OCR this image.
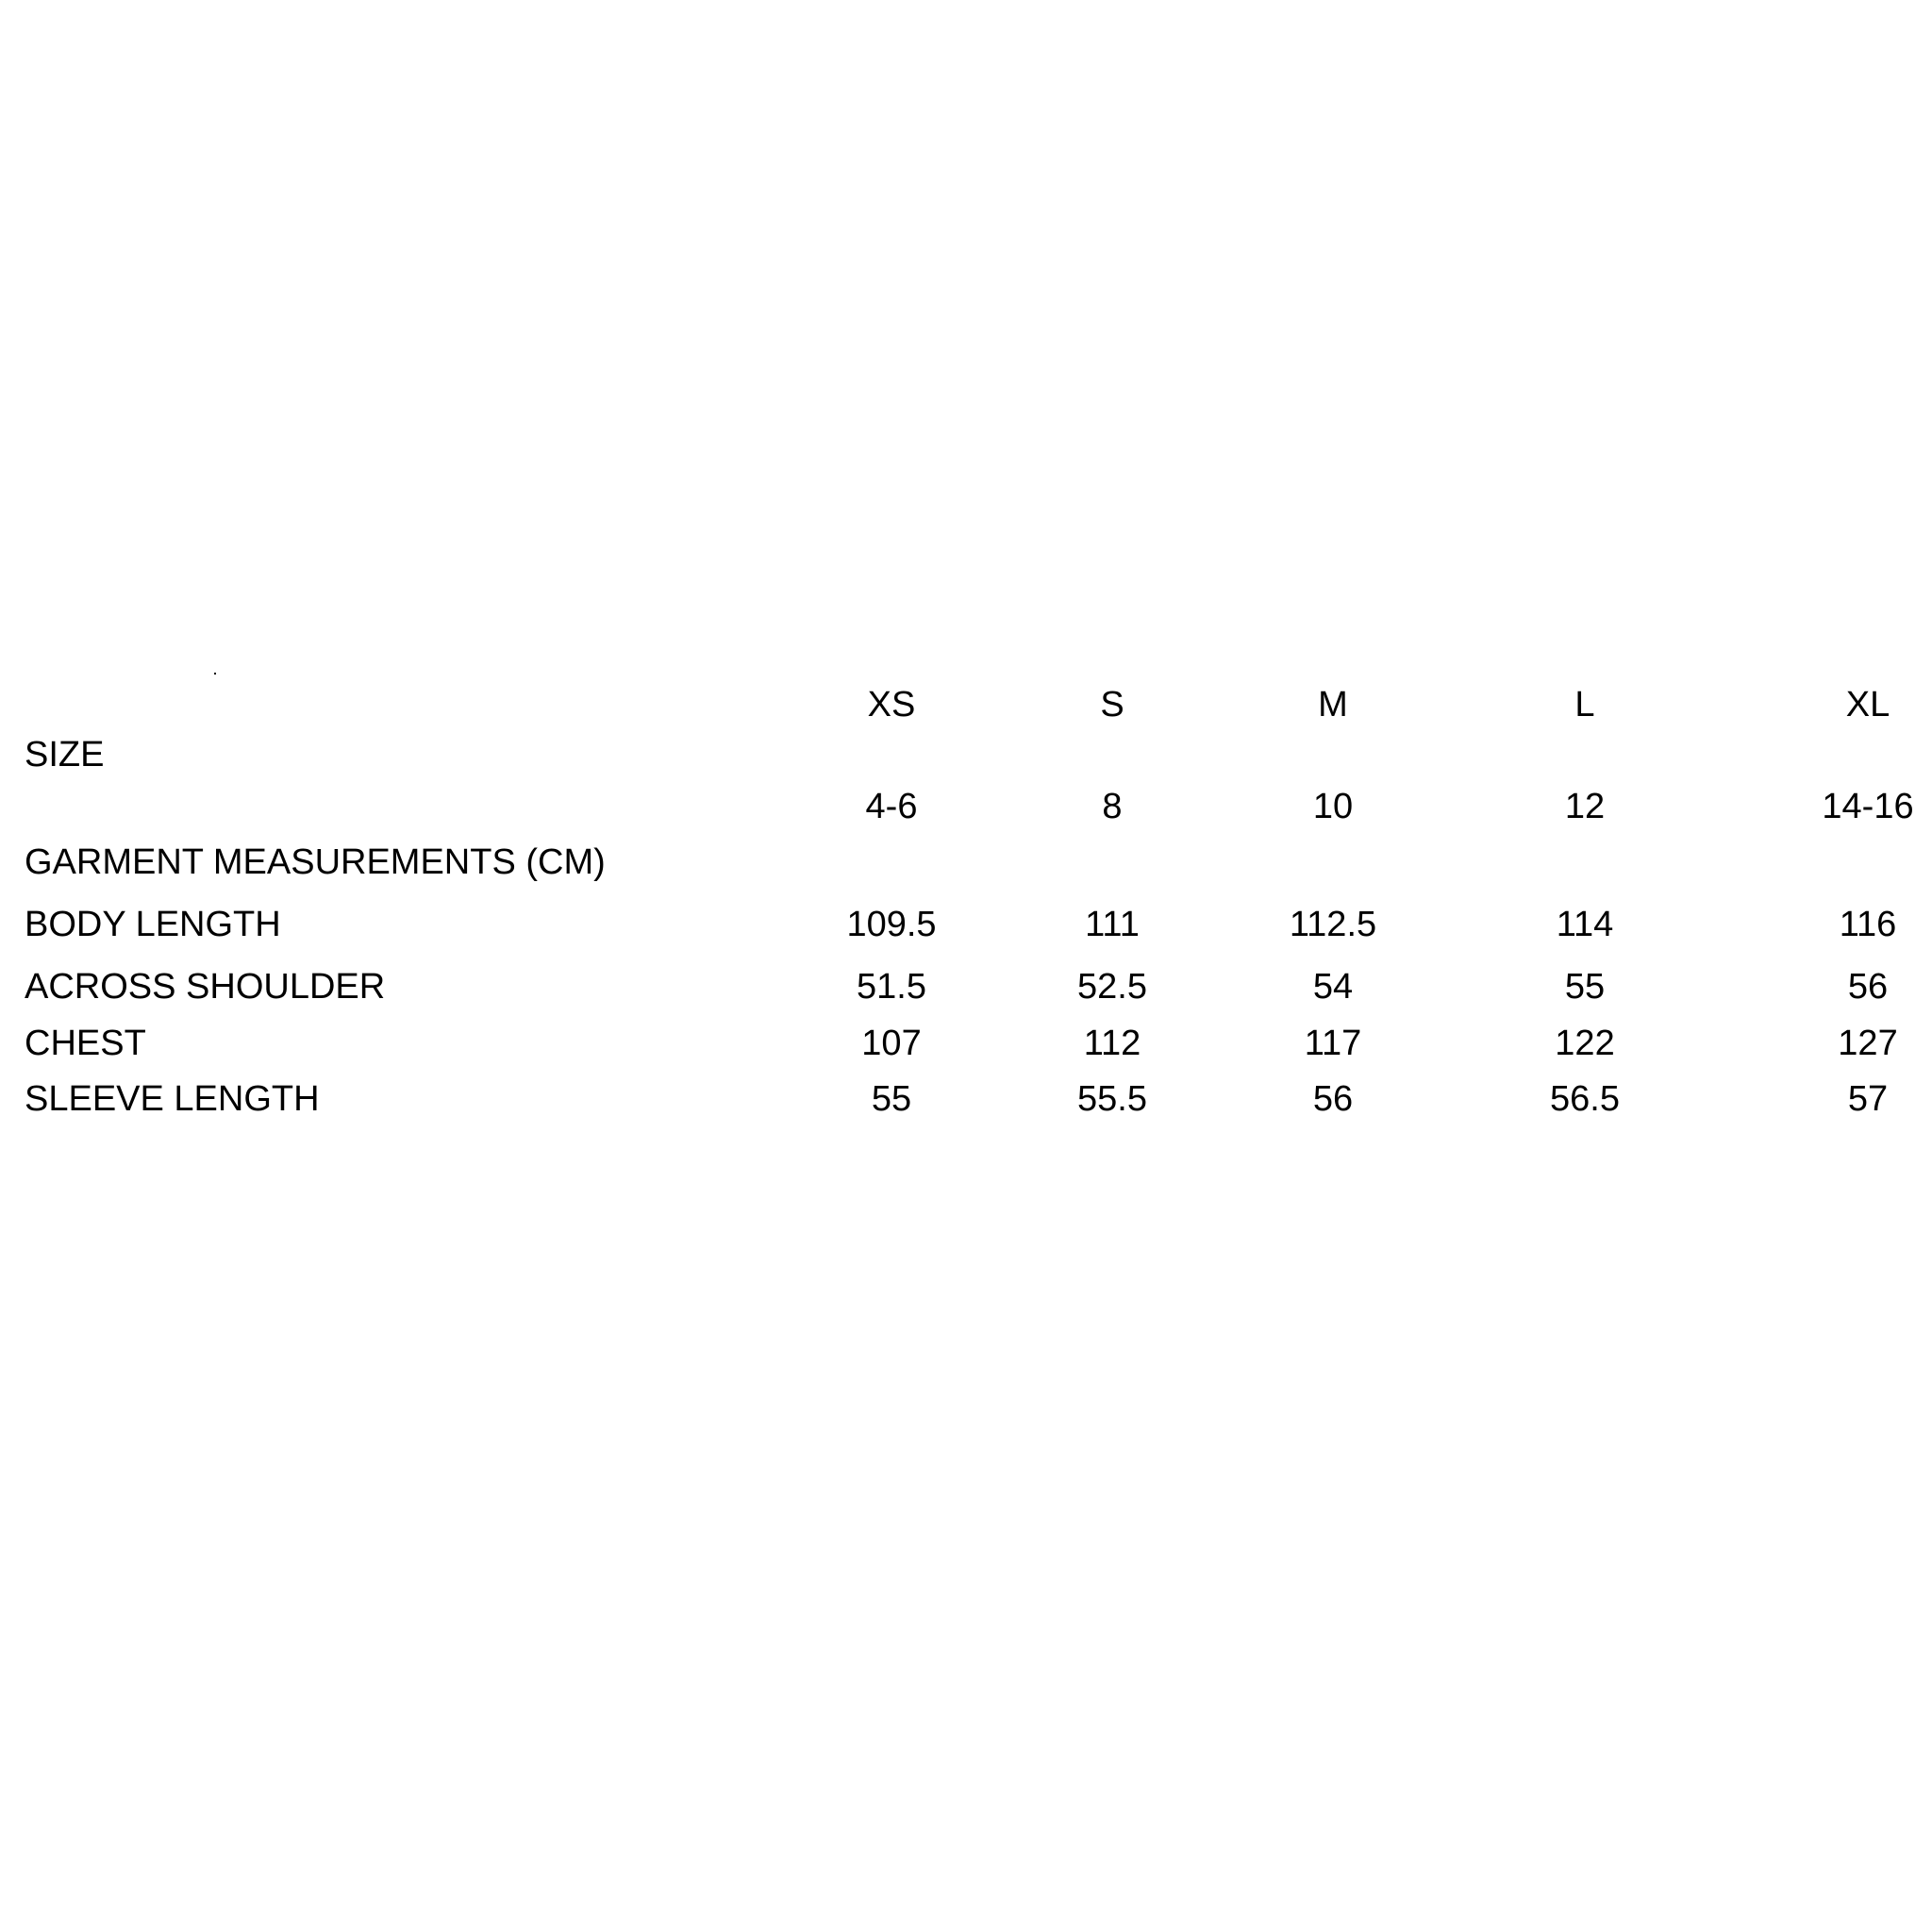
SIZE
XS	S	M	L	XL
4-6	8	10	12	14-16
GARMENT MEASUREMENTS (CM)
BODY LENGTH	109.5	111	112.5	114	116
ACROSS SHOULDER	51.5	52.5	54	55	56
CHEST	107	112	117	122	127
SLEEVE LENGTH	55	55.5	56	56.5	57
